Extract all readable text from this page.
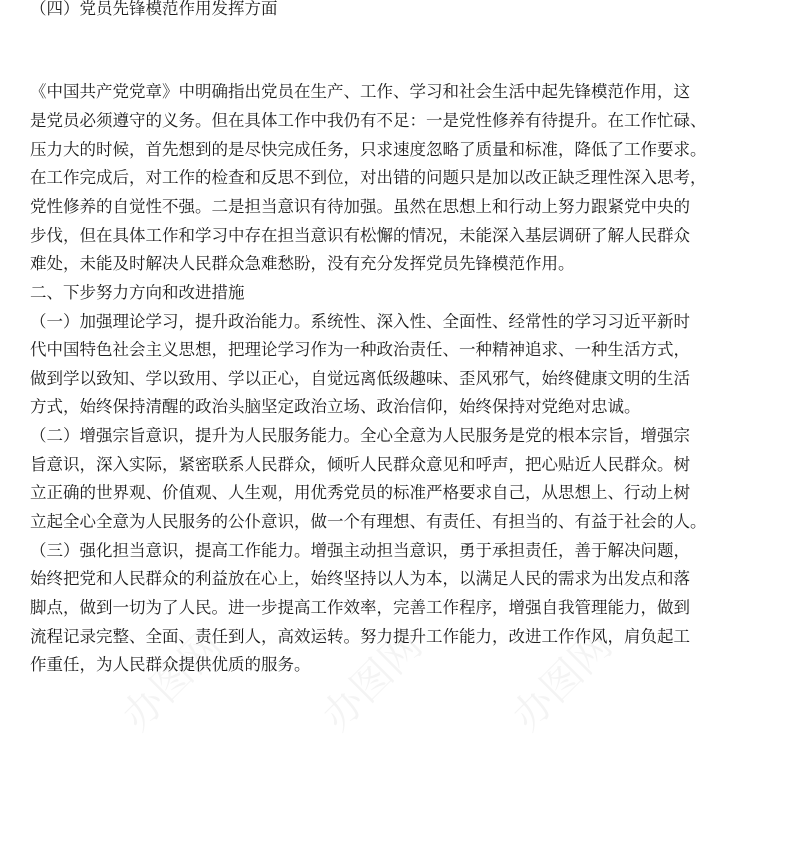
（四）党员先锋模范作用发挥方面
《中国共产党党章》中明确指出党员在生产、工作、学习和社会生活中起先锋模范作用，这
是党员必须遵守的义务。但在具体工作中我仍有不足：一是党性修养有待提升。在工作忙碌、
压力大的时候，首先想到的是尽快完成任务，只求速度忽略了质量和标准，降低了工作要求。
在工作完成后，对工作的检查和反思不到位，对出错的问题只是加以改正缺乏理性深入思考，
党性修养的自觉性不强。二是担当意识有待加强。虽然在思想上和行动上努力跟紧党中央的
步伐，但在具体工作和学习中存在担当意识有松懈的情况，未能深入基层调研了解人民群众
难处，未能及时解决人民群众急难愁盼，没有充分发挥党员先锋模范作用。
二、下步努力方向和改进措施
（一）加强理论学习，提升政治能力。系统性、深入性、全面性、经常性的学习习近平新时
代中国特色社会主义思想，把理论学习作为一种政治责任、一种精神追求、一种生活方式，
做到学以致知、学以致用、学以正心，自觉远离低级趣味、歪风邪气，始终健康文明的生活
方式，始终保持清醒的政治头脑坚定政治立场、政治信仰，始终保持对党绝对忠诚。
（二）增强宗旨意识，提升为人民服务能力。全心全意为人民服务是党的根本宗旨，增强宗
旨意识，深入实际，紧密联系人民群众，倾听人民群众意见和呼声，把心贴近人民群众。树
立正确的世界观、价值观、人生观，用优秀党员的标准严格要求自己，从思想上、行动上树
立起全心全意为人民服务的公仆意识，做一个有理想、有责任、有担当的、有益于社会的人。
（三）强化担当意识，提高工作能力。增强主动担当意识，勇于承担责任，善于解决问题，
始终把党和人民群众的利益放在心上，始终坚持以人为本，以满足人民的需求为出发点和落
脚点，做到一切为了人民。进一步提高工作效率，完善工作程序，增强自我管理能力，做到
流程记录完整、全面、责任到人，高效运转。努力提升工作能力，改进工作作风，肩负起工
作重任，为人民群众提供优质的服务。
